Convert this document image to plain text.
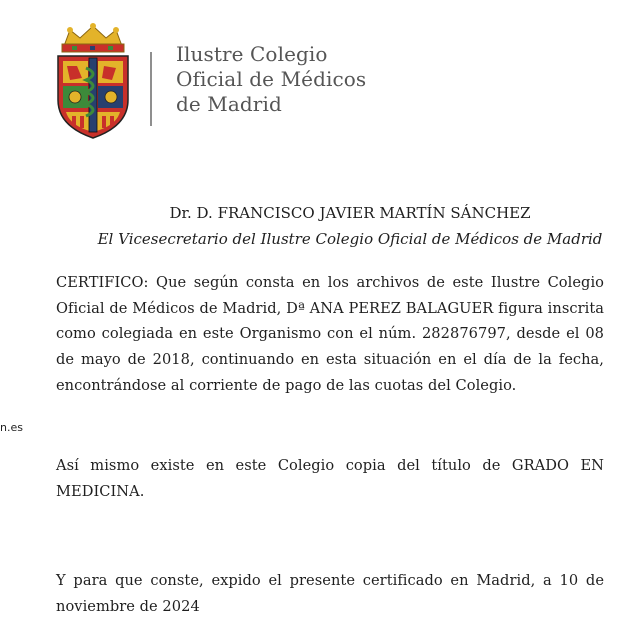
Ilustre Colegio
Oficial de Médicos
de Madrid
n.es
Dr. D. FRANCISCO JAVIER MARTÍN SÁNCHEZ
El Vicesecretario del Ilustre Colegio Oficial de Médicos de Madrid
CERTIFICO: Que según consta en los archivos de este Ilustre Colegio Oficial de Médicos de Madrid, Dª ANA PEREZ BALAGUER figura inscrita como colegiada en este Organismo con el núm. 282876797, desde el 08 de mayo de 2018, continuando en esta situación en el día de la fecha, encontrándose al corriente de pago de las cuotas del Colegio.
Así mismo existe en este Colegio copia del título de GRADO EN MEDICINA.
Y para que conste, expido el presente certificado en Madrid, a 10 de noviembre de 2024
